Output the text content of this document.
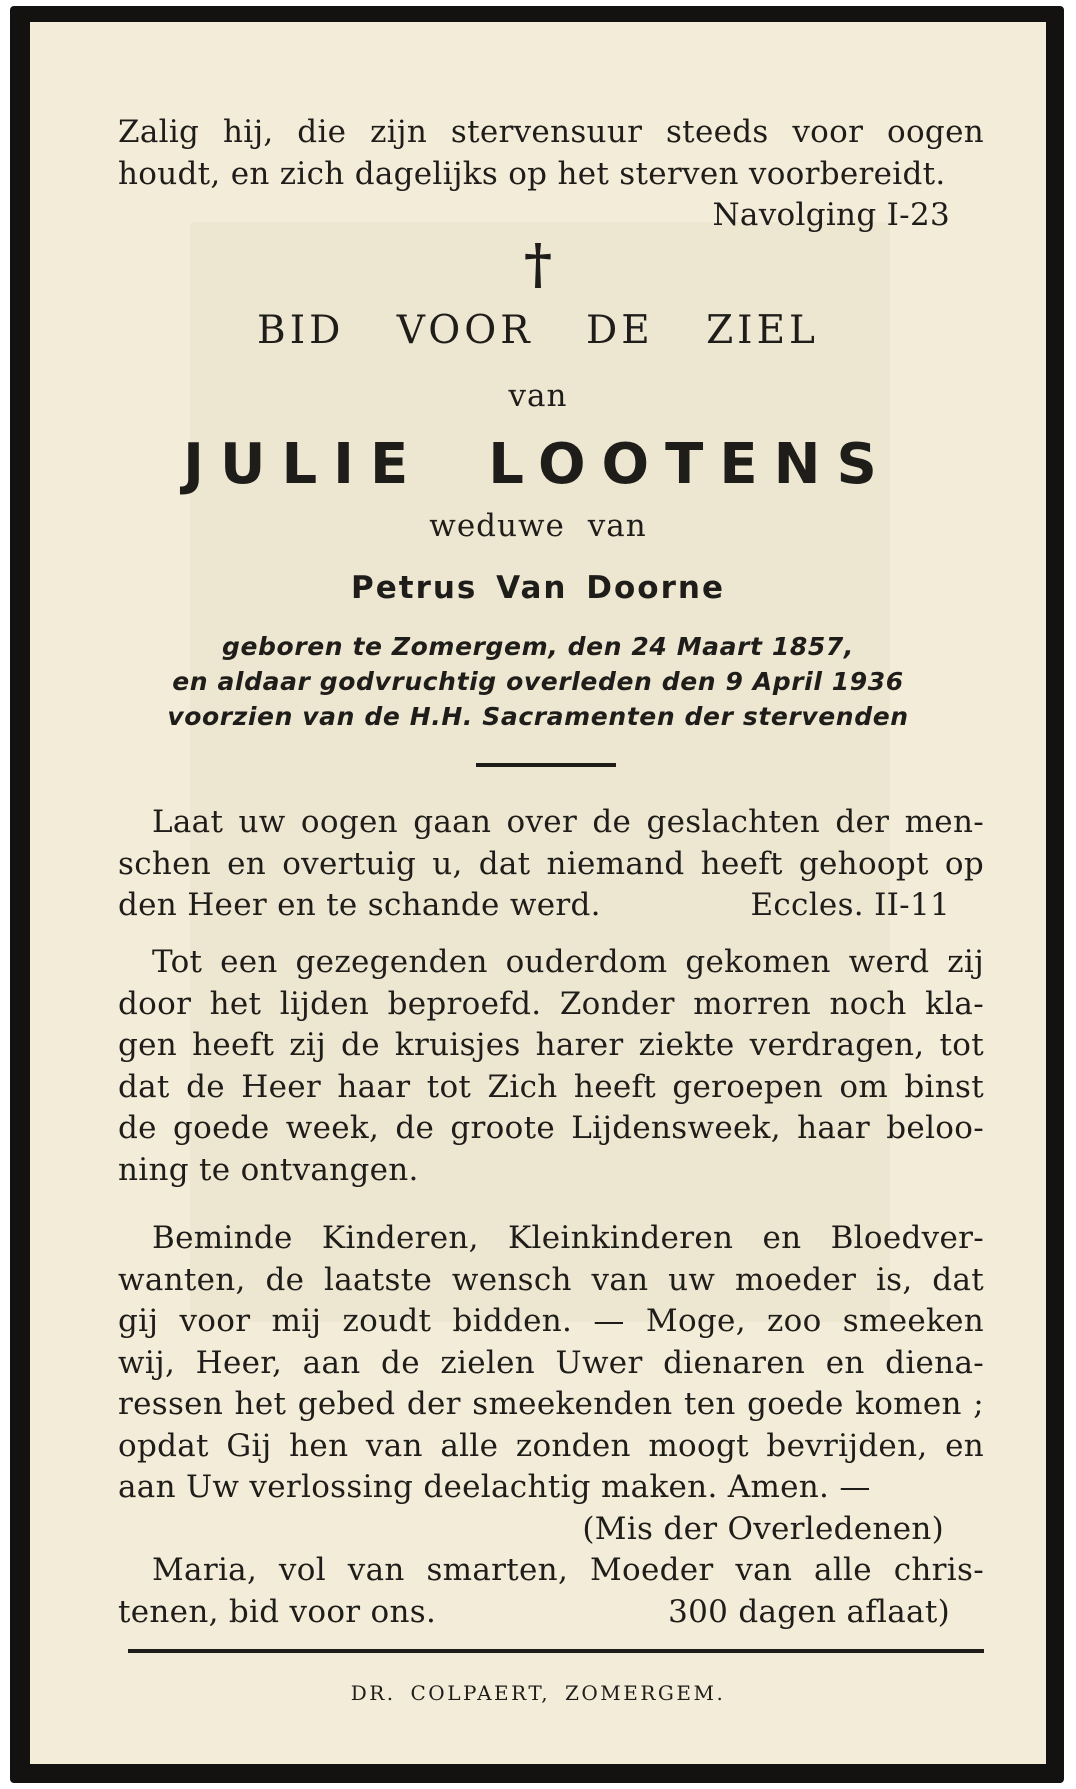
Zalig hij, die zijn stervensuur steeds voor oogen
houdt, en zich dagelijks op het sterven voorbereidt.
Navolging I-23
†
BID VOOR DE ZIEL
van
JULIE LOOTENS
weduwe van
Petrus Van Doorne
geboren te Zomergem, den 24 Maart 1857,
en aldaar godvruchtig overleden den 9 April 1936
voorzien van de H.H. Sacramenten der stervenden
Laat uw oogen gaan over de geslachten der men-
schen en overtuig u, dat niemand heeft gehoopt op
den Heer en te schande werd.	Eccles. II-11
Tot een gezegenden ouderdom gekomen werd zij
door het lijden beproefd. Zonder morren noch kla-
gen heeft zij de kruisjes harer ziekte verdragen, tot
dat de Heer haar tot Zich heeft geroepen om binst
de goede week, de groote Lijdensweek, haar beloo-
ning te ontvangen.
Beminde Kinderen, Kleinkinderen en Bloedver-
wanten, de laatste wensch van uw moeder is, dat
gij voor mij zoudt bidden. — Moge, zoo smeeken
wij, Heer, aan de zielen Uwer dienaren en diena-
ressen het gebed der smeekenden ten goede komen ;
opdat Gij hen van alle zonden moogt bevrijden, en
aan Uw verlossing deelachtig maken. Amen. —
(Mis der Overledenen)
Maria, vol van smarten, Moeder van alle chris-
tenen, bid voor ons.	300 dagen aflaat)
DR. COLPAERT, ZOMERGEM.
